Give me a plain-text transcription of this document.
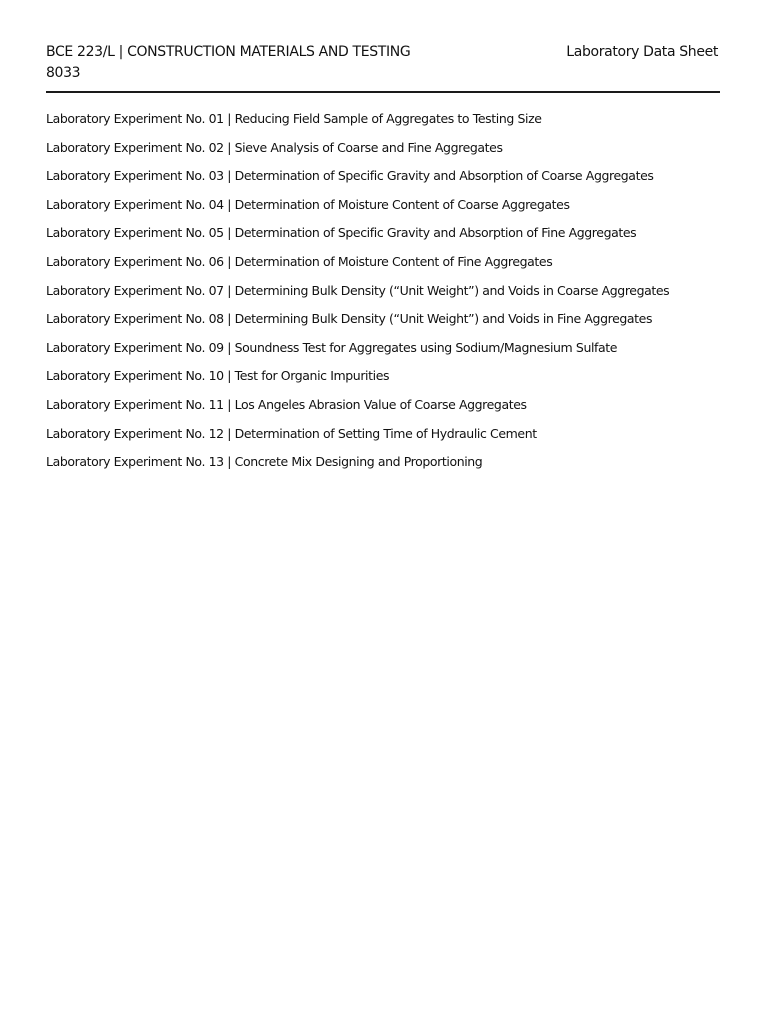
BCE 223/L | CONSTRUCTION MATERIALS AND TESTING
8033
Laboratory Data Sheet
Laboratory Experiment No. 01 | Reducing Field Sample of Aggregates to Testing Size
Laboratory Experiment No. 02 | Sieve Analysis of Coarse and Fine Aggregates
Laboratory Experiment No. 03 | Determination of Specific Gravity and Absorption of Coarse Aggregates
Laboratory Experiment No. 04 | Determination of Moisture Content of Coarse Aggregates
Laboratory Experiment No. 05 | Determination of Specific Gravity and Absorption of Fine Aggregates
Laboratory Experiment No. 06 | Determination of Moisture Content of Fine Aggregates
Laboratory Experiment No. 07 | Determining Bulk Density (“Unit Weight”) and Voids in Coarse Aggregates
Laboratory Experiment No. 08 | Determining Bulk Density (“Unit Weight”) and Voids in Fine Aggregates
Laboratory Experiment No. 09 | Soundness Test for Aggregates using Sodium/Magnesium Sulfate
Laboratory Experiment No. 10 | Test for Organic Impurities
Laboratory Experiment No. 11 | Los Angeles Abrasion Value of Coarse Aggregates
Laboratory Experiment No. 12 | Determination of Setting Time of Hydraulic Cement
Laboratory Experiment No. 13 | Concrete Mix Designing and Proportioning
